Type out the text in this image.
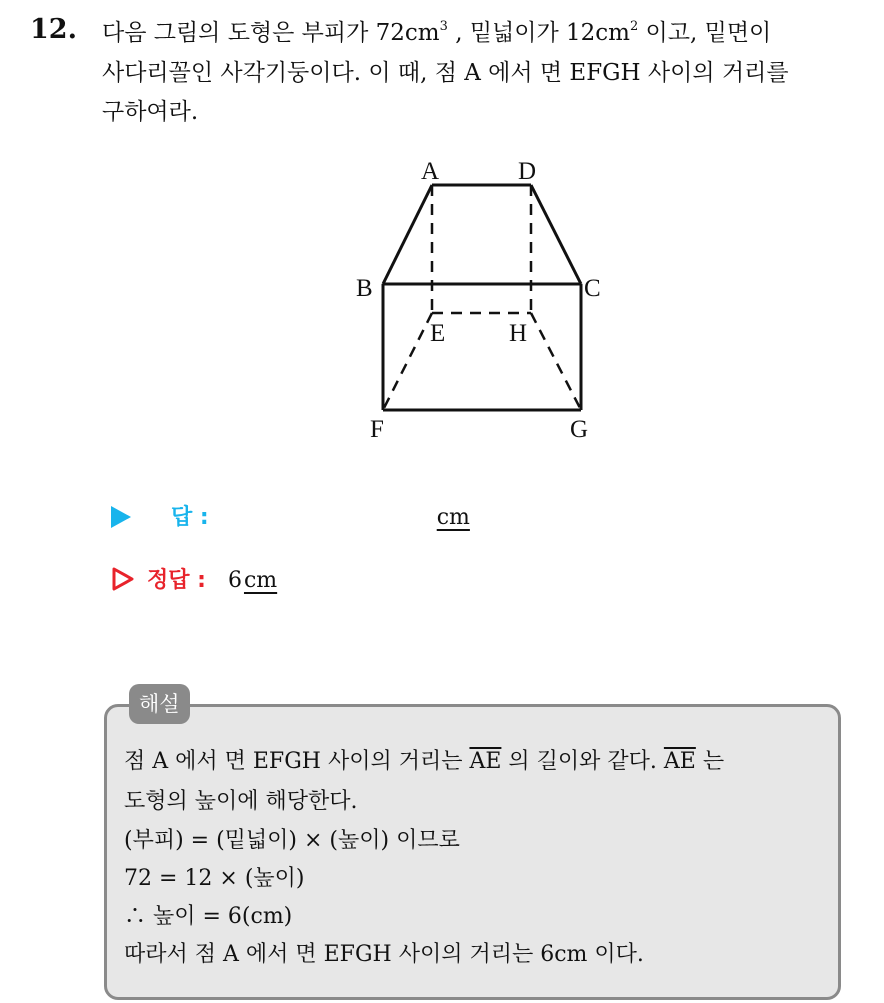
12. 다음 그림의 도형은 부피가 $72cm^3$ , 밑넓이가 $12cm^2$ 이고, 밑면이
사다리꼴인 사각기둥이다. 이 때, 점 A 에서 면 EFGH 사이의 거리를
구하여라.
A	D
B	C
E	H
F	G
답 :	cm
정답 : 6 cm
해설
점 A 에서 면 EFGH 사이의 거리는 $\overline{AE}$ 의 길이와 같다. $\overline{AE}$ 는
도형의 높이에 해당한다.
(부피) = (밑넓이) × (높이) 이므로
72 = 12 × (높이)
∴ 높이 = 6(cm)
따라서 점 A 에서 면 EFGH 사이의 거리는 6cm 이다.
